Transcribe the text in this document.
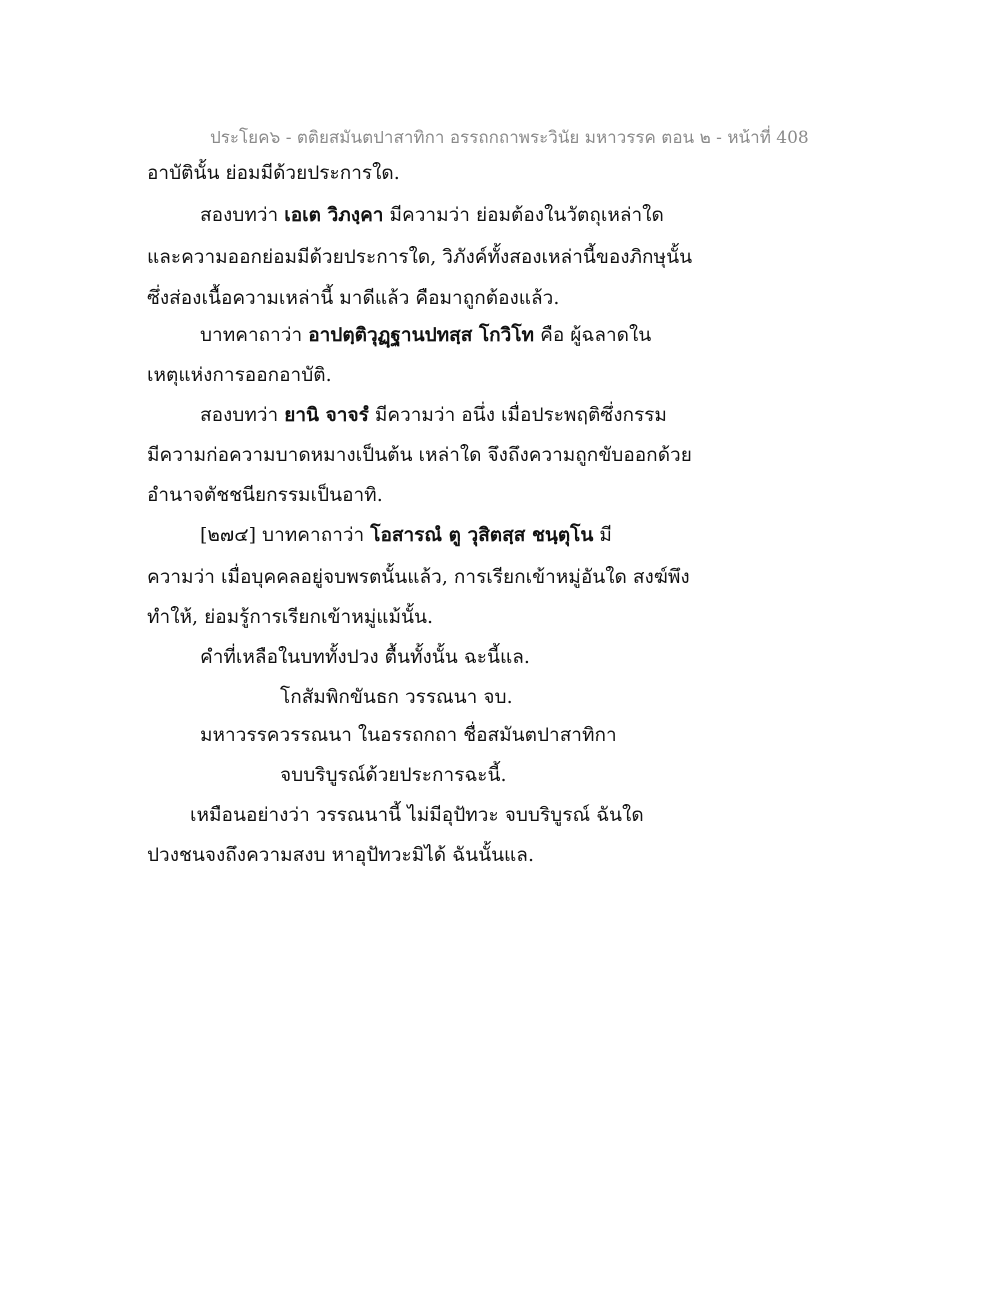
ประโยค๖ - ตติยสมันตปาสาทิกา อรรถกถาพระวินัย มหาวรรค ตอน ๒ - หน้าที่ 408
อาบัตินั้น ย่อมมีด้วยประการใด.
สองบทว่า เอเต วิภงฺคา มีความว่า ย่อมต้องในวัตถุเหล่าใด
และความออกย่อมมีด้วยประการใด, วิภังค์ทั้งสองเหล่านี้ของภิกษุนั้น
ซึ่งส่องเนื้อความเหล่านี้ มาดีแล้ว คือมาถูกต้องแล้ว.
บาทคาถาว่า อาปตฺติวุฏฺฐานปทสฺส โกวิโท คือ ผู้ฉลาดใน
เหตุแห่งการออกอาบัติ.
สองบทว่า ยานิ จาจรํ มีความว่า อนึ่ง เมื่อประพฤติซึ่งกรรม
มีความก่อความบาดหมางเป็นต้น เหล่าใด จึงถึงความถูกขับออกด้วย
อำนาจตัชชนียกรรมเป็นอาทิ.
[๒๗๔] บาทคาถาว่า โอสารณํ ตู วุสิตสฺส ชนฺตุโน มี
ความว่า เมื่อบุคคลอยู่จบพรตนั้นแล้ว, การเรียกเข้าหมู่อันใด สงฆ์พึง
ทำให้, ย่อมรู้การเรียกเข้าหมู่แม้นั้น.
คำที่เหลือในบททั้งปวง ตื้นทั้งนั้น ฉะนี้แล.
โกสัมพิกขันธก วรรณนา จบ.
มหาวรรควรรณนา ในอรรถกถา ชื่อสมันตปาสาทิกา
จบบริบูรณ์ด้วยประการฉะนี้.
เหมือนอย่างว่า วรรณนานี้ ไม่มีอุปัทวะ จบบริบูรณ์ ฉันใด
ปวงชนจงถึงความสงบ หาอุปัทวะมิได้ ฉันนั้นแล.
